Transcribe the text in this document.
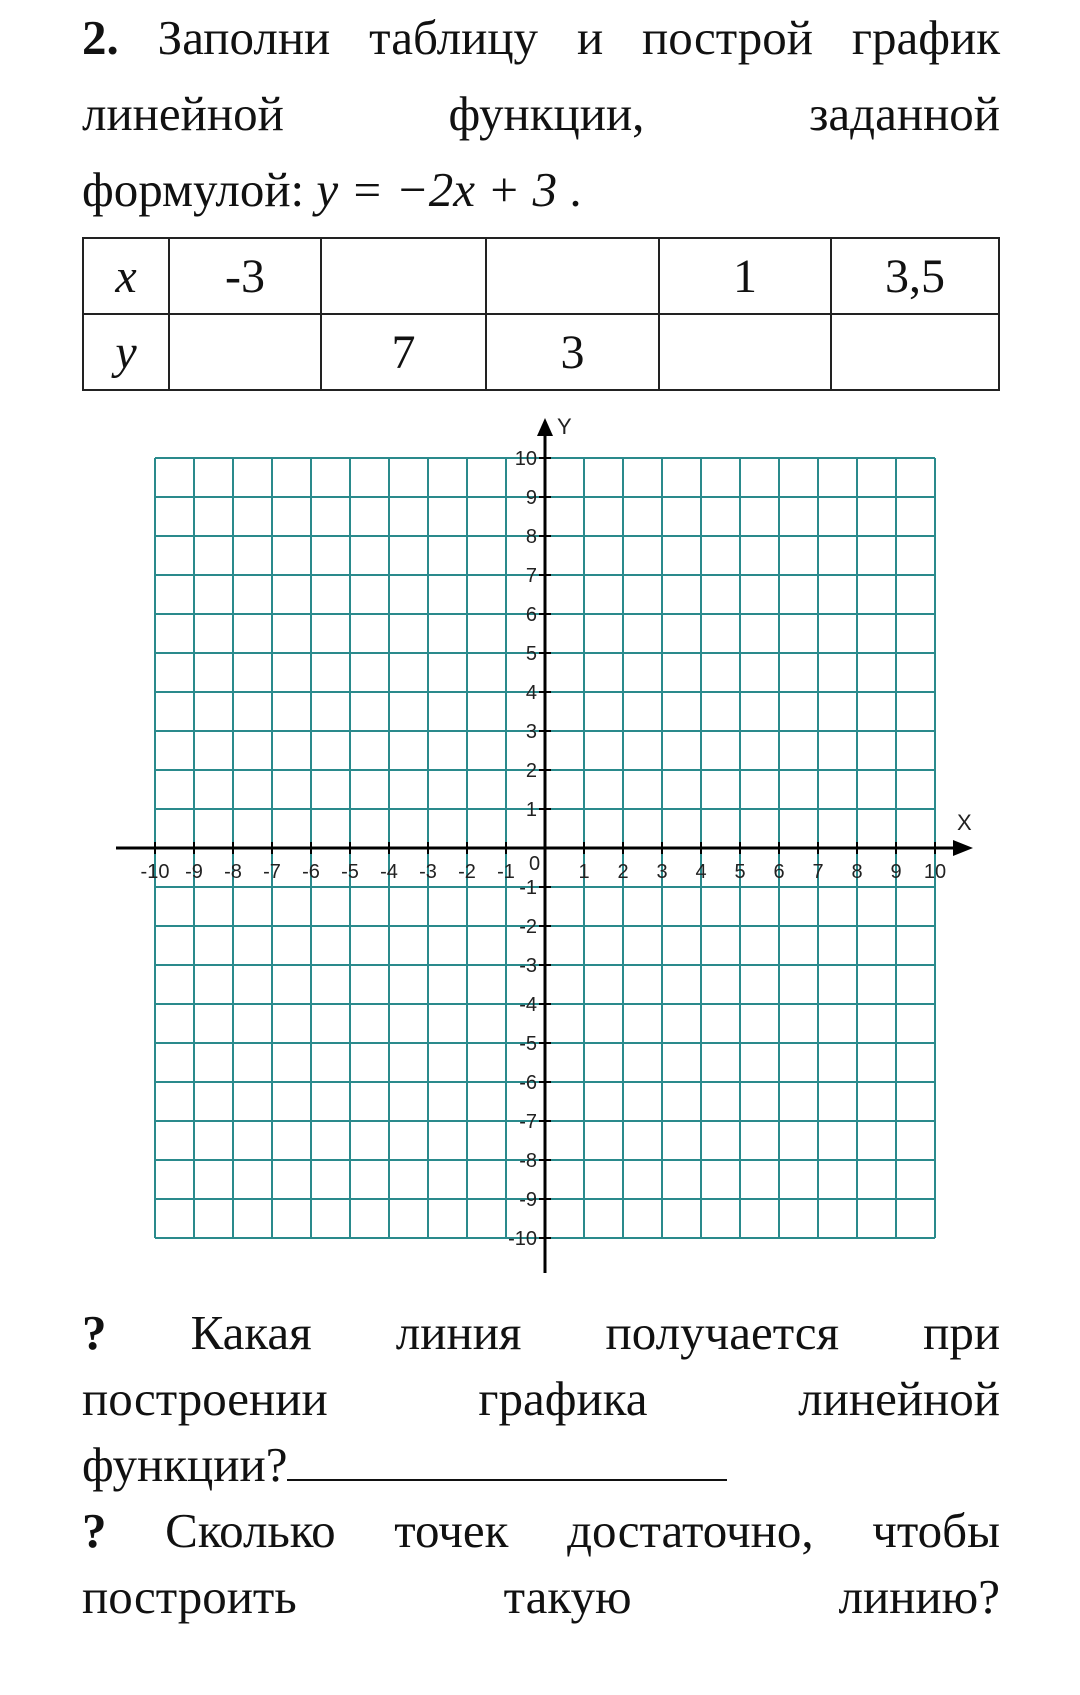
2. Заполни таблицу и построй график
линейной	функции,	заданной
формулой: y = −2x + 3 .
x	-3			1	3,5
y		7	3		
X
Y
0
-10 -9 -8 -7 -6 -5 -4 -3 -2 -1	1 2 3 4 5 6 7 8 9 10
10
9
8
7
6
5
4
3
2
1
-1
-2
-3
-4
-5
-6
-7
-8
-9
-10
? Какая линия получается при
построении	графика	линейной
функции?
? Сколько точек достаточно, чтобы
построить	такую	линию?
